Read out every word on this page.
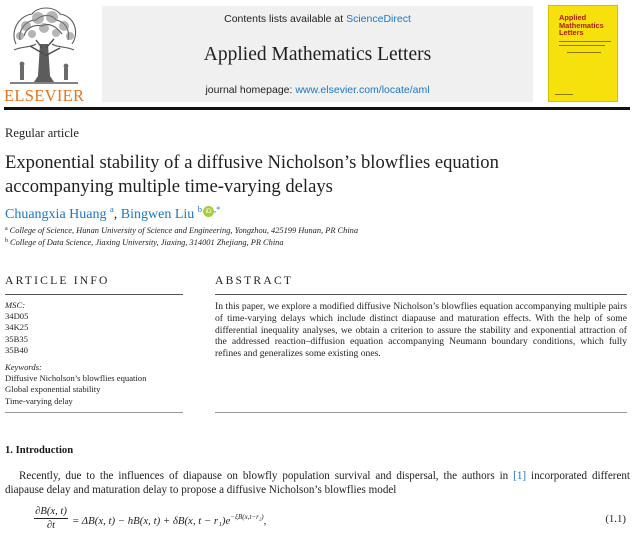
ELSEVIER
Contents lists available at ScienceDirect
Applied Mathematics Letters
journal homepage: www.elsevier.com/locate/aml
Applied
Mathematics
Letters
Regular article
Exponential stability of a diffusive Nicholson’s blowflies equation accompanying multiple time-varying delays
Chuangxia Huang $^a$, Bingwen Liu $^b$ iD ,*
$^a$ College of Science, Hunan University of Science and Engineering, Yongzhou, 425199 Hunan, PR China
$^b$ College of Data Science, Jiaxing University, Jiaxing, 314001 Zhejiang, PR China
ARTICLE INFO
MSC:
34D05
34K25
35B35
35B40
Keywords:
Diffusive Nicholson’s blowflies equation
Global exponential stability
Time-varying delay
ABSTRACT

In this paper, we explore a modified diffusive Nicholson’s blowflies equation accompanying multiple pairs of time-varying delays which include distinct diapause and maturation effects. With the help of some differential inequality analyses, we obtain a criterion to assure the stability and exponential attraction of the addressed reaction–diffusion equation accompanying Neumann boundary conditions, which fully refines and generalizes some existing ones.

1. Introduction

Recently, due to the influences of diapause on blowfly population survival and dispersal, the authors in [1] incorporated different diapause delay and maturation delay to propose a diffusive Nicholson’s blowflies model

$\frac{\partial B(x, t)}{\partial t} = \Delta B(x$, t) − hB(x, t) + δB(x, $t - r_1)e^{-\xi B(x,t-r_2)}$,	(1.1)
